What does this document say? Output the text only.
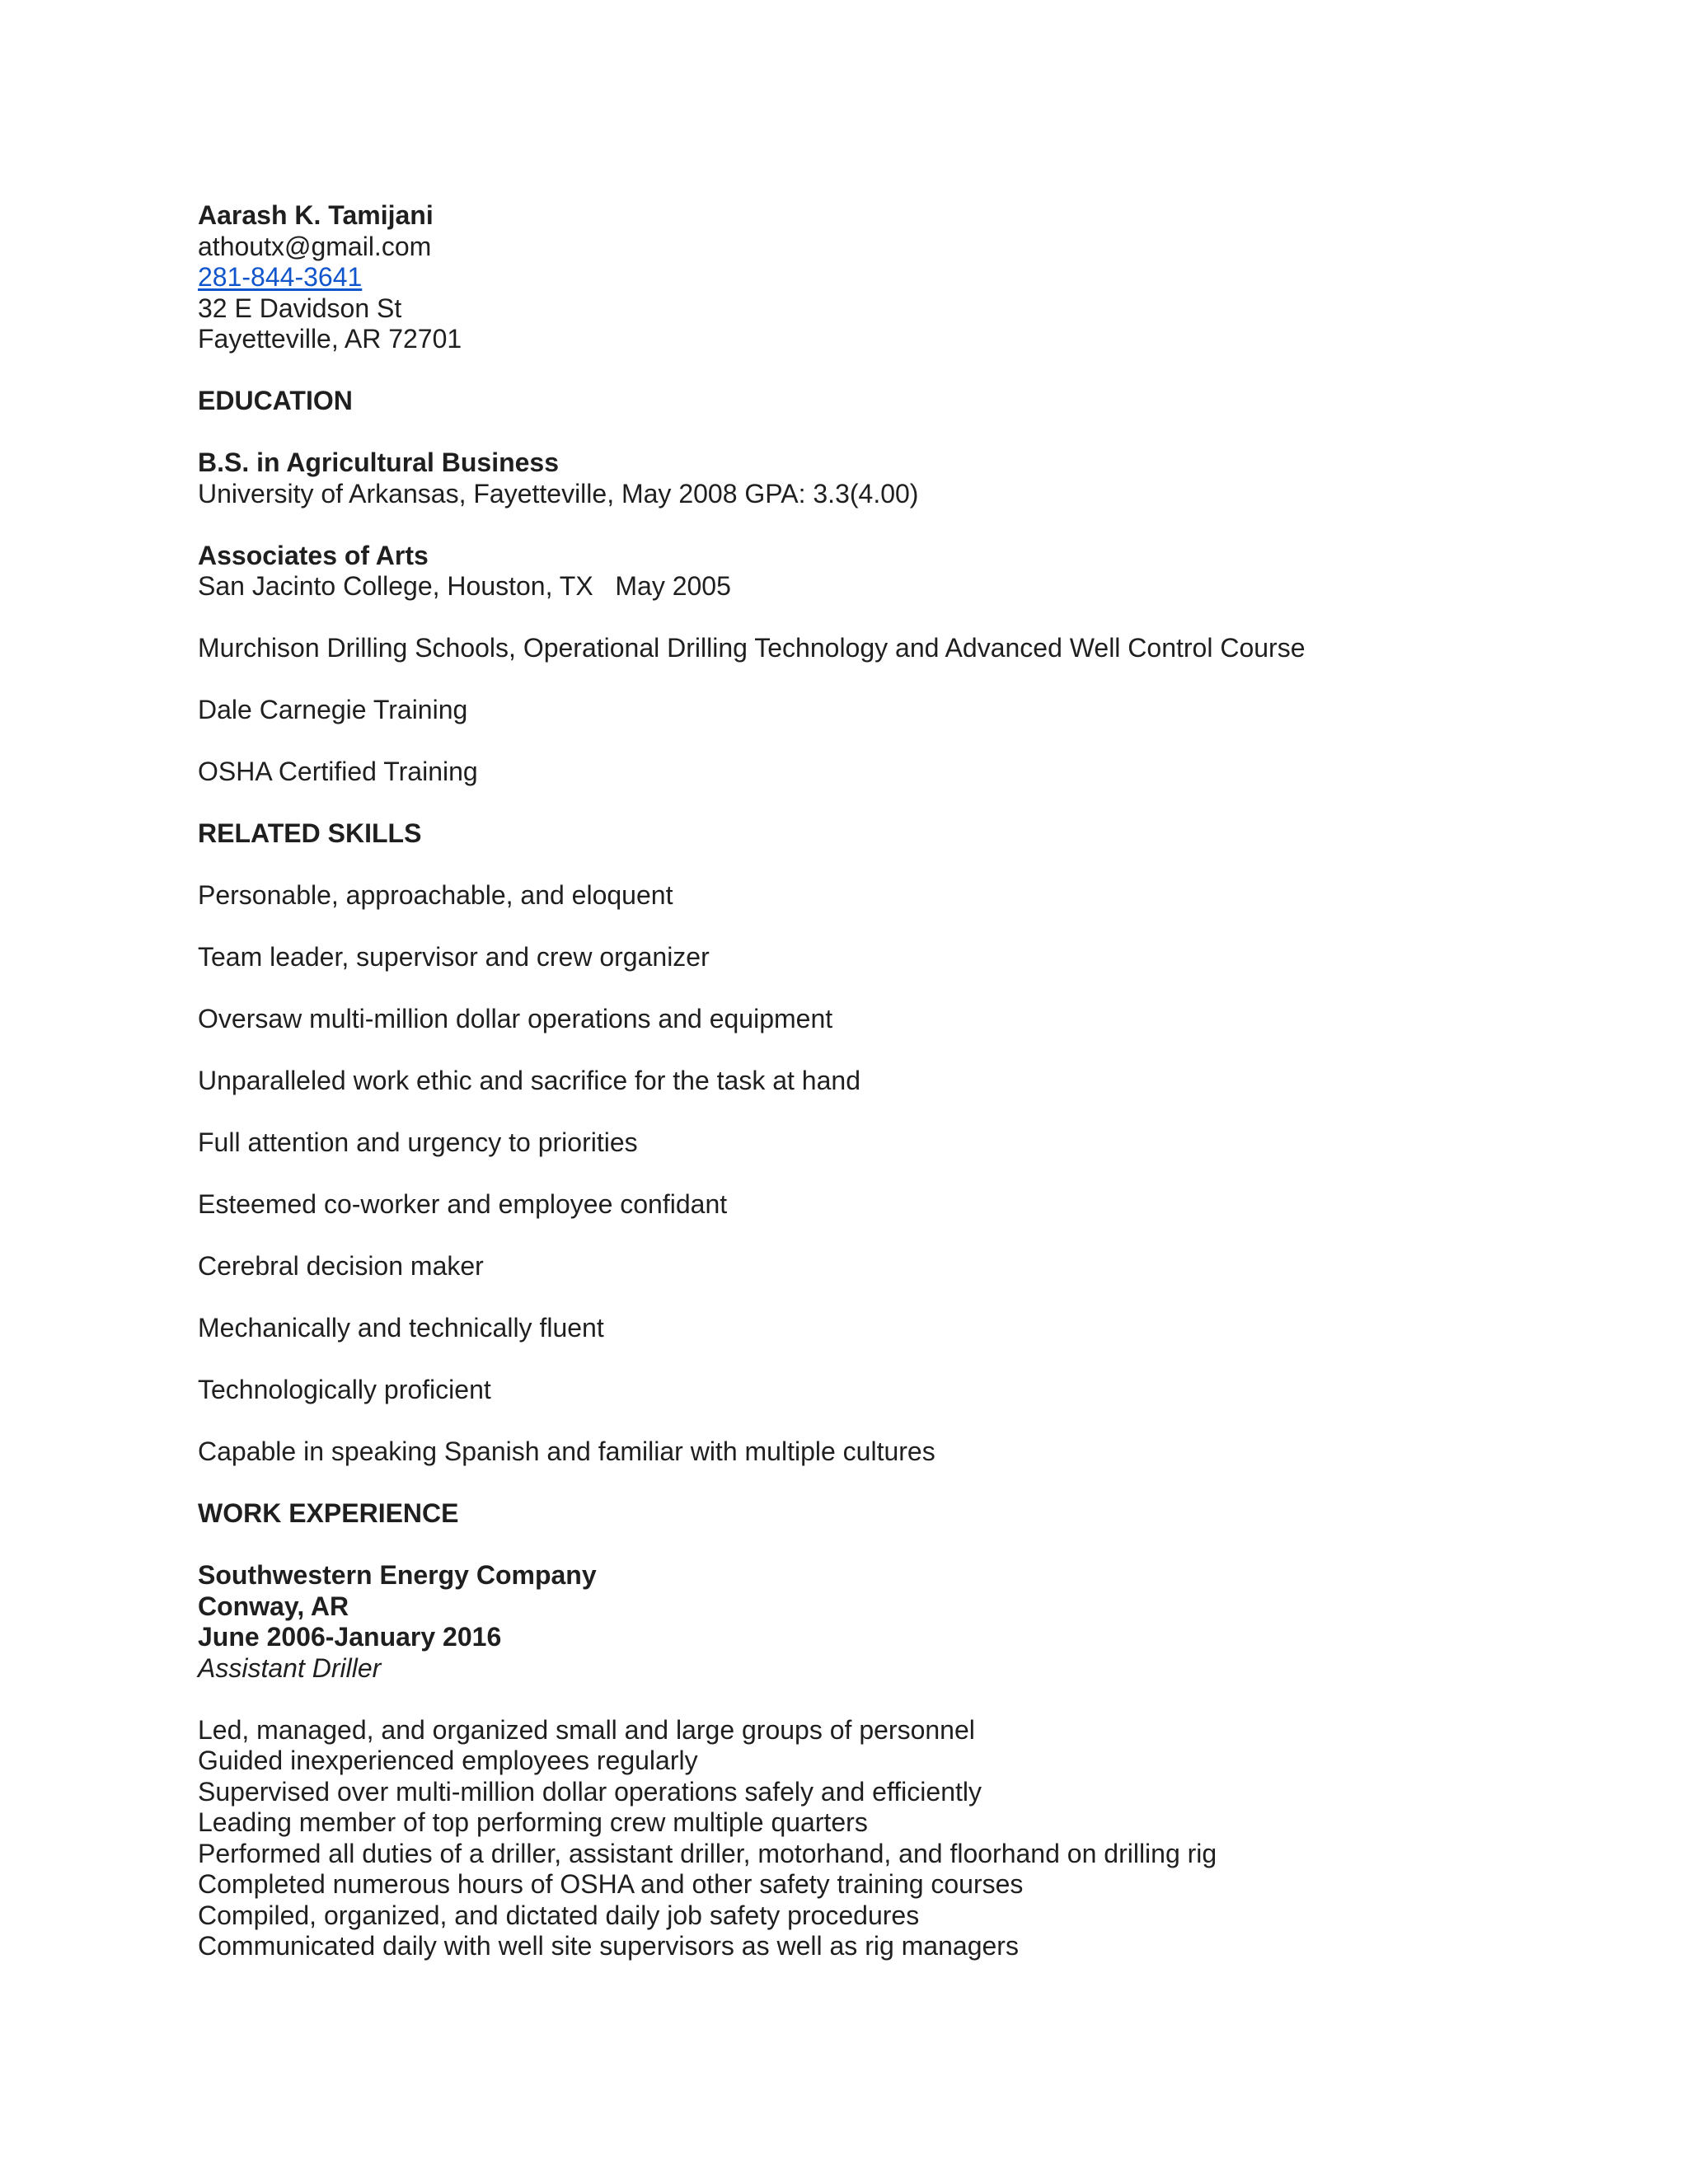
Aarash K. Tamijani
athoutx@gmail.com
281-844-3641
32 E Davidson St
Fayetteville, AR 72701
EDUCATION
B.S. in Agricultural Business
University of Arkansas, Fayetteville, May 2008 GPA: 3.3(4.00)
Associates of Arts
San Jacinto College, Houston, TX   May 2005
Murchison Drilling Schools, Operational Drilling Technology and Advanced Well Control Course
Dale Carnegie Training
OSHA Certified Training
RELATED SKILLS
Personable, approachable, and eloquent
Team leader, supervisor and crew organizer
Oversaw multi-million dollar operations and equipment
Unparalleled work ethic and sacrifice for the task at hand
Full attention and urgency to priorities
Esteemed co-worker and employee confidant
Cerebral decision maker
Mechanically and technically fluent
Technologically proficient
Capable in speaking Spanish and familiar with multiple cultures
WORK EXPERIENCE
Southwestern Energy Company
Conway, AR
June 2006-January 2016
Assistant Driller
Led, managed, and organized small and large groups of personnel
Guided inexperienced employees regularly
Supervised over multi-million dollar operations safely and efficiently
Leading member of top performing crew multiple quarters
Performed all duties of a driller, assistant driller, motorhand, and floorhand on drilling rig
Completed numerous hours of OSHA and other safety training courses
Compiled, organized, and dictated daily job safety procedures
Communicated daily with well site supervisors as well as rig managers
